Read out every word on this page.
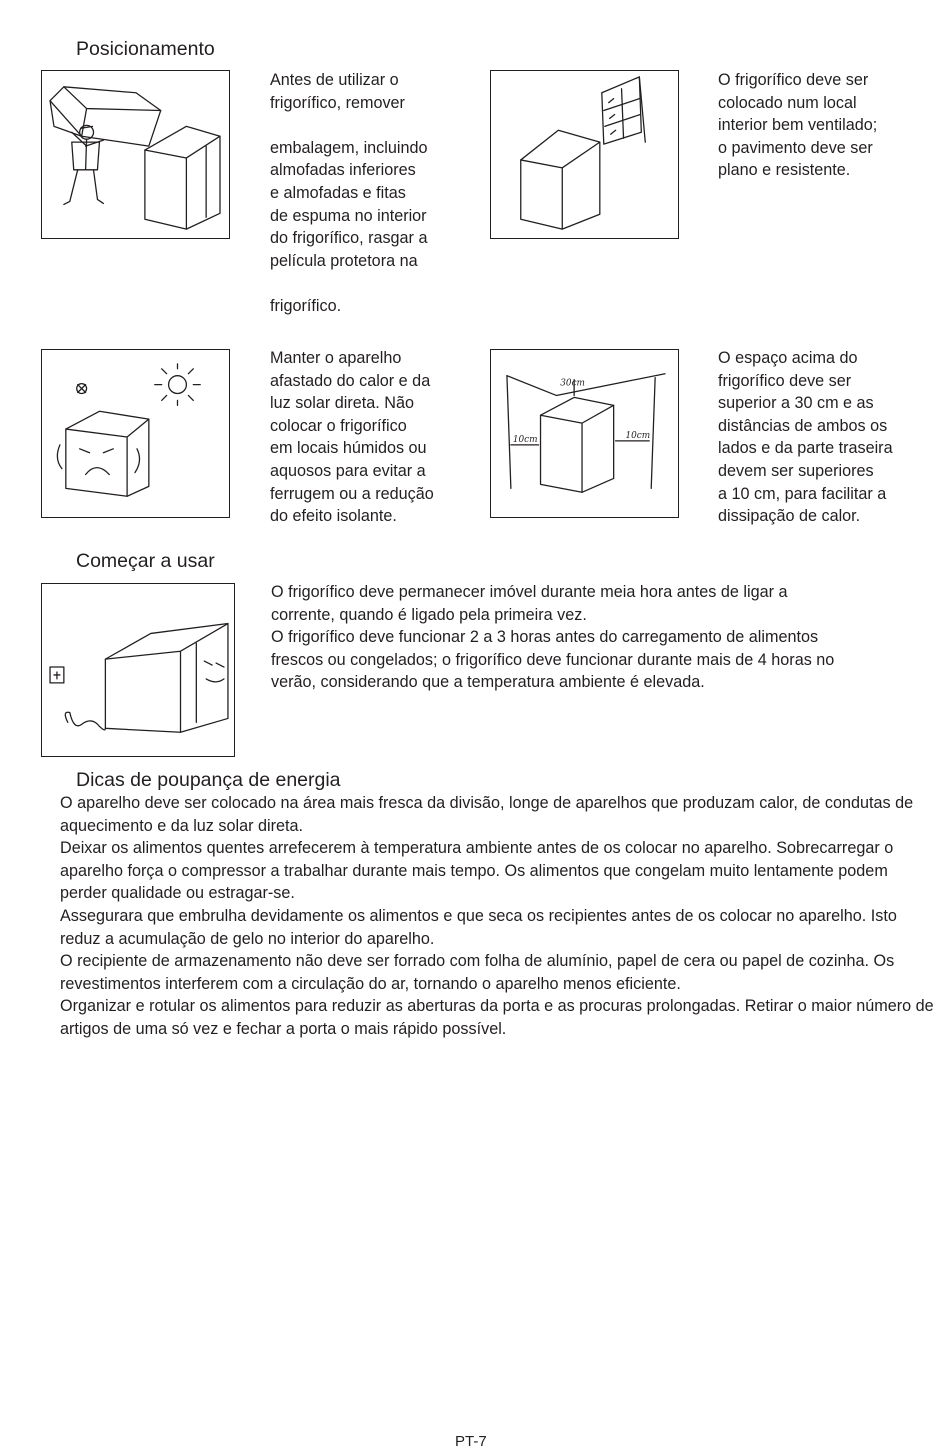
Posicionamento
Antes de utilizar o
frigorífico, remover

embalagem, incluindo
almofadas inferiores
e almofadas e fitas
de espuma no interior
do frigorífico, rasgar a
película protetora na

frigorífico.
O frigorífico deve ser
colocado num local
interior bem ventilado;
o pavimento deve ser
plano e resistente.
Manter o aparelho
afastado do calor e da
luz solar direta. Não
colocar o frigorífico
em locais húmidos ou
aquosos para evitar a
ferrugem ou a redução
do efeito isolante.
30cm
10cm	10cm
O espaço acima do
frigorífico deve ser
superior a 30 cm e as
distâncias de ambos os
lados e da parte traseira
devem ser superiores
a 10 cm, para facilitar a
dissipação de calor.
Começar a usar
O frigorífico deve permanecer imóvel durante meia hora antes de ligar a
corrente, quando é ligado pela primeira vez.
O frigorífico deve funcionar 2 a 3 horas antes do carregamento de alimentos
frescos ou congelados; o frigorífico deve funcionar durante mais de 4 horas no
verão, considerando que a temperatura ambiente é elevada.
Dicas de poupança de energia

O aparelho deve ser colocado na área mais fresca da divisão, longe de aparelhos que produzam calor, de condutas de aquecimento e da luz solar direta.

Deixar os alimentos quentes arrefecerem à temperatura ambiente antes de os colocar no aparelho. Sobrecarregar o aparelho força o compressor a trabalhar durante mais tempo. Os alimentos que congelam muito lentamente podem perder qualidade ou estragar-se.

Assegurara que embrulha devidamente os alimentos e que seca os recipientes antes de os colocar no aparelho. Isto reduz a acumulação de gelo no interior do aparelho.

O recipiente de armazenamento não deve ser forrado com folha de alumínio, papel de cera ou papel de cozinha. Os revestimentos interferem com a circulação do ar, tornando o aparelho menos eficiente.

Organizar e rotular os alimentos para reduzir as aberturas da porta e as procuras prolongadas. Retirar o maior número de artigos de uma só vez e fechar a porta o mais rápido possível.

PT-7
